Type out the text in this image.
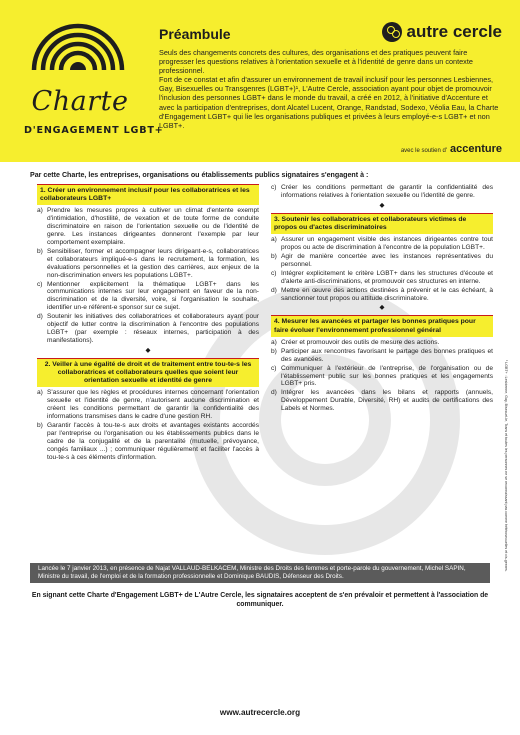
Charte
D'ENGAGEMENT LGBT+
Préambule	autre cercle

Seuls des changements concrets des cultures, des organisations et des pratiques peuvent faire progresser les questions relatives à l'orientation sexuelle et à l'identité de genre dans un contexte professionnel.

Fort de ce constat et afin d'assurer un environnement de travail inclusif pour les personnes Lesbiennes, Gay, Bisexuelles ou Transgenres (LGBT+)¹, L'Autre Cercle, association ayant pour objet de promouvoir l'inclusion des personnes LGBT+ dans le monde du travail, a créé en 2012, à l'initiative d'Accenture et avec la participation d'entreprises, dont Alcatel Lucent, Orange, Randstad, Sodexo, Véolia Eau, la Charte d'Engagement LGBT+ qui lie les organisations publiques et privées à leurs employé-e-s LGBT+ et non LGBT+.

avec le soutien d' accenture
Par cette Charte, les entreprises, organisations ou établissements publics signataires s'engagent à :
1. Créer un environnement inclusif pour les collaboratrices et les collaborateurs LGBT+
a) Prendre les mesures propres à cultiver un climat d'entente exempt d'intimidation, d'hostilité, de vexation et de toute forme de conduite discriminatoire en raison de l'orientation sexuelle ou de l'identité de genre. Les instances dirigeantes donneront l'exemple par leur comportement exemplaire.
b) Sensibiliser, former et accompagner leurs dirigeant-e-s, collaboratrices et collaborateurs impliqué-e-s dans le recrutement, la formation, les évaluations personnelles et la gestion des carrières, aux enjeux de la non-discrimination envers les populations LGBT+.
c) Mentionner explicitement la thématique LGBT+ dans les communications internes sur leur engagement en faveur de la non-discrimination et de la diversité, voire, si l'organisation le souhaite, identifier un-e référent-e sponsor sur ce sujet.
d) Soutenir les initiatives des collaboratrices et collaborateurs ayant pour objectif de lutter contre la discrimination à l'encontre des populations LGBT+ (par exemple : réseaux internes, participation à des manifestations).
◆
2. Veiller à une égalité de droit et de traitement entre tou-te-s les collaboratrices et collaborateurs quelles que soient leur orientation sexuelle et identité de genre
a) S'assurer que les règles et procédures internes concernant l'orientation sexuelle et l'identité de genre, n'autorisent aucune discrimination et créent les conditions permettant de garantir la confidentialité des informations transmises dans le cadre d'une gestion RH.
b) Garantir l'accès à tou-te-s aux droits et avantages existants accordés par l'entreprise ou l'organisation ou les établissements publics dans le cadre de la conjugalité et de la parentalité (mutuelle, prévoyance, congés familiaux ...) ; communiquer régulièrement et faciliter l'accès à tou-te-s à ces éléments d'information.
c) Créer les conditions permettant de garantir la confidentialité des informations relatives à l'orientation sexuelle ou l'identité de genre.
◆
3. Soutenir les collaboratrices et collaborateurs victimes de propos ou d'actes discriminatoires
a) Assurer un engagement visible des instances dirigeantes contre tout propos ou acte de discrimination à l'encontre de la population LGBT+.
b) Agir de manière concertée avec les instances représentatives du personnel.
c) Intégrer explicitement le critère LGBT+ dans les structures d'écoute et d'alerte anti-discriminations, et promouvoir ces structures en interne.
d) Mettre en œuvre des actions destinées à prévenir et le cas échéant, à sanctionner tout propos ou attitude discriminatoire.
◆
4. Mesurer les avancées et partager les bonnes pratiques pour faire évoluer l'environnement professionnel général
a) Créer et promouvoir des outils de mesure des actions.
b) Participer aux rencontres favorisant le partage des bonnes pratiques et des avancées.
c) Communiquer à l'extérieur de l'entreprise, de l'organisation ou de l'établissement public sur les bonnes pratiques et les engagements LGBT+ pris.
d) Intégrer les avancées dans les bilans et rapports (annuels, Développement Durable, Diversité, RH) et audits de certifications des Labels et Normes.
Lancée le 7 janvier 2013, en présence de Najat VALLAUD-BELKACEM, Ministre des Droits des femmes et porte-parole du gouvernement, Michel SAPIN, Ministre du travail, de l'emploi et de la formation professionnelle et Dominique BAUDIS, Défenseur des Droits.
En signant cette Charte d'Engagement LGBT+ de L'Autre Cercle, les signataires acceptent de s'en prévaloir et permettent à l'association de communiquer.
www.autrecercle.org
¹ LGBT+ : Lesbienne, Gay, Bisexuel-le, Trans et toutes les personnes ne se reconnaissant pas comme hétérosexuelles et cis-genres.
